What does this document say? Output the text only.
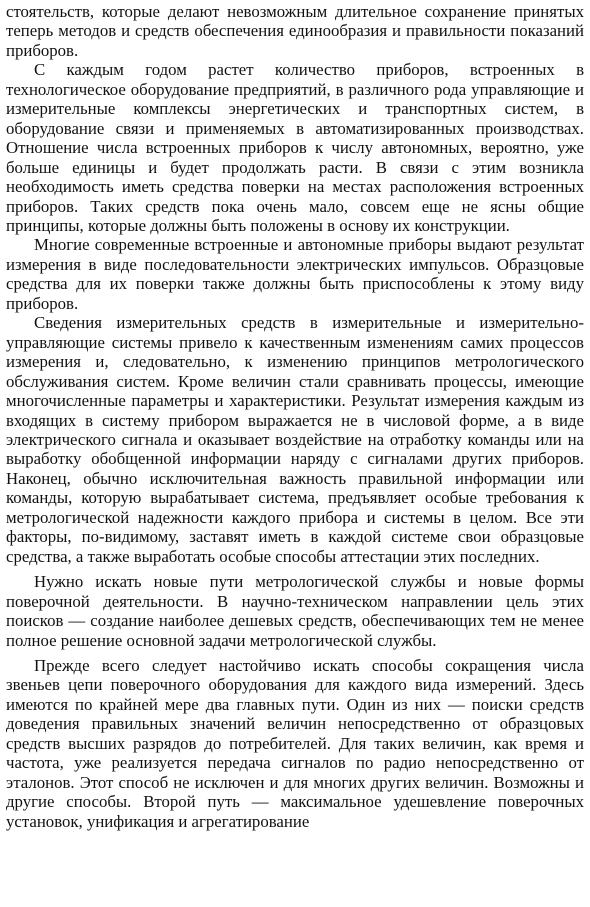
стоятельств, которые делают невозможным длительное сохранение принятых теперь методов и средств обеспечения единообразия и правильности показаний приборов.

С каждым годом растет количество приборов, встроенных в технологическое оборудование предприятий, в различного рода управляющие и измерительные комплексы энергетических и транспортных систем, в оборудование связи и применяемых в автоматизированных производствах. Отношение числа встроенных приборов к числу автономных, вероятно, уже больше единицы и будет продолжать расти. В связи с этим возникла необходимость иметь средства поверки на местах расположения встроенных приборов. Таких средств пока очень мало, совсем еще не ясны общие принципы, которые должны быть положены в основу их конструкции.

Многие современные встроенные и автономные приборы выдают результат измерения в виде последовательности электрических импульсов. Образцовые средства для их поверки также должны быть приспособлены к этому виду приборов.

Сведения измерительных средств в измерительные и измерительно-управляющие системы привело к качественным изменениям самих процессов измерения и, следовательно, к изменению принципов метрологического обслуживания систем. Кроме величин стали сравнивать процессы, имеющие многочисленные параметры и характеристики. Результат измерения каждым из входящих в систему прибором выражается не в числовой форме, а в виде электрического сигнала и оказывает воздействие на отработку команды или на выработку обобщенной информации наряду с сигналами других приборов. Наконец, обычно исключительная важность правильной информации или команды, которую вырабатывает система, предъявляет особые требования к метрологической надежности каждого прибора и системы в целом. Все эти факторы, по-видимому, заставят иметь в каждой системе свои образцовые средства, а также выработать особые способы аттестации этих последних.

Нужно искать новые пути метрологической службы и новые формы поверочной деятельности. В научно-техническом направлении цель этих поисков — создание наиболее дешевых средств, обеспечивающих тем не менее полное решение основной задачи метрологической службы.

Прежде всего следует настойчиво искать способы сокращения числа звеньев цепи поверочного оборудования для каждого вида измерений. Здесь имеются по крайней мере два главных пути. Один из них — поиски средств доведения правильных значений величин непосредственно от образцовых средств высших разрядов до потребителей. Для таких величин, как время и частота, уже реализуется передача сигналов по радио непосредственно от эталонов. Этот способ не исключен и для многих других величин. Возможны и другие способы. Второй путь — максимальное удешевление поверочных установок, унификация и агрегатирование
